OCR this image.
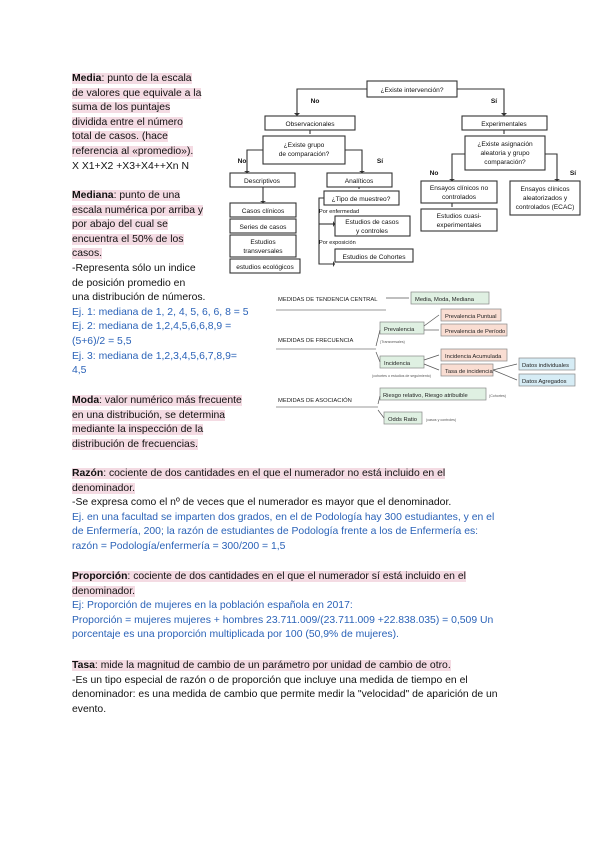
Media: punto de la escala
de valores que equivale a la
suma de los puntajes
dividida entre el número
total de casos. (hace
referencia al «promedio»).
X X1+X2 +X3+X4++Xn N
Mediana: punto de una
escala numérica por arriba y
por abajo del cual se
encuentra el 50% de los
casos.
-Representa sólo un indice
de posición promedio en
una distribución de números.
Ej. 1: mediana de 1, 2, 4, 5, 6, 6, 8 = 5
Ej. 2: mediana de 1,2,4,5,6,6,8,9 =
(5+6)/2 = 5,5
Ej. 3: mediana de 1,2,3,4,5,6,7,8,9=
4,5
Moda: valor numérico más frecuente
en una distribución, se determina
mediante la inspección de la
distribución de frecuencias.
¿Existe intervención?
No	Sí
Observacionales	Experimentales
¿Existe grupo
de comparación?
¿Existe asignación
aleatoria y grupo
comparación?
No	Sí
No	Sí
Descriptivos	Analíticos
Casos clínicos
Series de casos
Estudios
transversales
estudios ecológicos
¿Tipo de muestreo?
Estudios de casos
y controles
Estudios de Cohortes
Ensayos clínicos no
controlados
Estudios cuasi-
experimentales
Ensayos clínicos
aleatorizados y
controlados (ECAC)
Por enfermedad
Por exposición
MEDIDAS DE TENDENCIA CENTRAL	Media, Moda, Mediana
MEDIDAS DE FRECUENCIA
Prevalencia
Prevalencia Puntual
Prevalencia de Período
Incidencia
Incidencia Acumulada
Tasa de incidencia
Datos individuales
Datos Agregados
MEDIDAS DE ASOCIACIÓN
Riesgo relativo, Riesgo atribuible
Odds Ratio
(Transversales)
(cohortes o estudios de seguimiento)
(Cohortes)
(casos y controles)
Razón: cociente de dos cantidades en el que el numerador no está incluido en el
denominador.
-Se expresa como el nº de veces que el numerador es mayor que el denominador.
Ej. en una facultad se imparten dos grados, en el de Podología hay 300 estudiantes, y en el
de Enfermería, 200; la razón de estudiantes de Podología frente a los de Enfermería es:
razón = Podología/enfermería = 300/200 = 1,5
Proporción: cociente de dos cantidades en el que el numerador sí está incluido en el
denominador.
Ej: Proporción de mujeres en la población española en 2017:
Proporción = mujeres mujeres + hombres 23.711.009/(23.711.009 +22.838.035) = 0,509 Un
porcentaje es una proporción multiplicada por 100 (50,9% de mujeres).
Tasa: mide la magnitud de cambio de un parámetro por unidad de cambio de otro.
-Es un tipo especial de razón o de proporción que incluye una medida de tiempo en el
denominador: es una medida de cambio que permite medir la "velocidad" de aparición de un
evento.
